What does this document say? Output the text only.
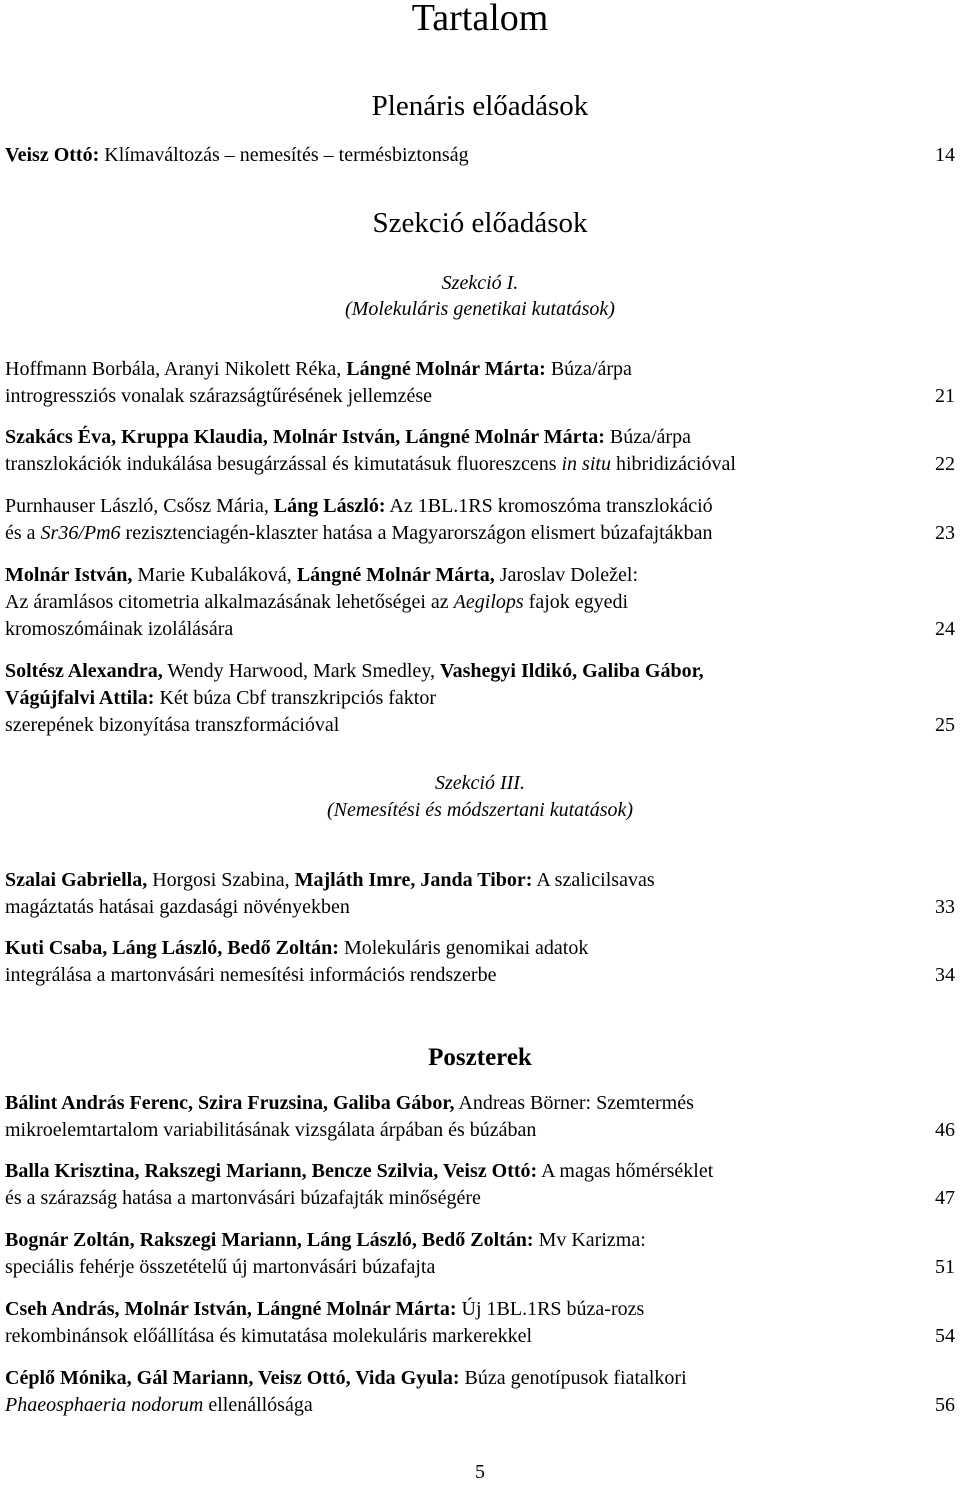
Tartalom
Plenáris előadások
Veisz Ottó: Klímaváltozás – nemesítés – termésbiztonság	14
Szekció előadások
Szekció I.
(Molekuláris genetikai kutatások)
Hoffmann Borbála, Aranyi Nikolett Réka, Lángné Molnár Márta: Búza/árpa
introgressziós vonalak szárazságtűrésének jellemzése	21
Szakács Éva, Kruppa Klaudia, Molnár István, Lángné Molnár Márta: Búza/árpa
transzlokációk indukálása besugárzással és kimutatásuk fluoreszcens in situ hibridizációval	22
Purnhauser László, Csősz Mária, Láng László: Az 1BL.1RS kromoszóma transzlokáció
és a Sr36/Pm6 rezisztenciagén-klaszter hatása a Magyarországon elismert búzafajtákban	23
Molnár István, Marie Kubaláková, Lángné Molnár Márta, Jaroslav Doležel:
Az áramlásos citometria alkalmazásának lehetőségei az Aegilops fajok egyedi
kromoszómáinak izolálására	24
Soltész Alexandra, Wendy Harwood, Mark Smedley, Vashegyi Ildikó, Galiba Gábor,
Vágújfalvi Attila: Két búza Cbf transzkripciós faktor
szerepének bizonyítása transzformációval	25
Szekció III.
(Nemesítési és módszertani kutatások)
Szalai Gabriella, Horgosi Szabina, Majláth Imre, Janda Tibor: A szalicilsavas
magáztatás hatásai gazdasági növényekben	33
Kuti Csaba, Láng László, Bedő Zoltán: Molekuláris genomikai adatok
integrálása a martonvásári nemesítési információs rendszerbe	34
Poszterek
Bálint András Ferenc, Szira Fruzsina, Galiba Gábor, Andreas Börner: Szemtermés
mikroelemtartalom variabilitásának vizsgálata árpában és búzában	46
Balla Krisztina, Rakszegi Mariann, Bencze Szilvia, Veisz Ottó: A magas hőmérséklet
és a szárazság hatása a martonvásári búzafajták minőségére	47
Bognár Zoltán, Rakszegi Mariann, Láng László, Bedő Zoltán: Mv Karizma:
speciális fehérje összetételű új martonvásári búzafajta	51
Cseh András, Molnár István, Lángné Molnár Márta: Új 1BL.1RS búza-rozs
rekombinánsok előállítása és kimutatása molekuláris markerekkel	54
Céplő Mónika, Gál Mariann, Veisz Ottó, Vida Gyula: Búza genotípusok fiatalkori
Phaeosphaeria nodorum ellenállósága	56
5
